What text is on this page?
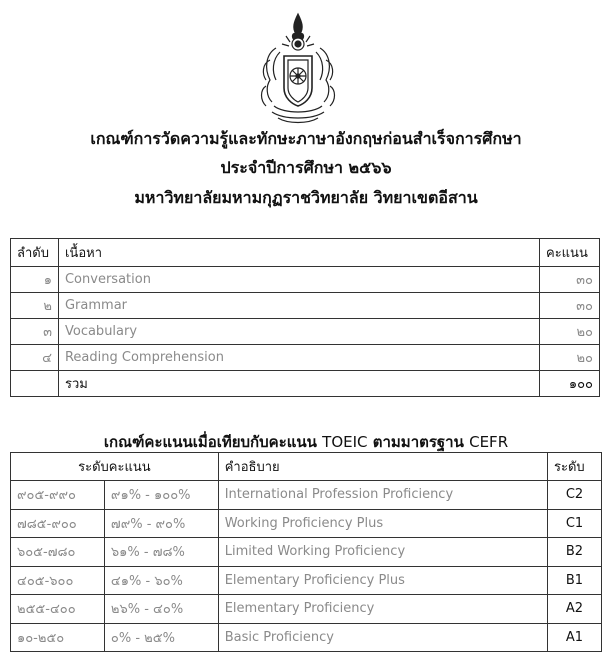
เกณฑ์การวัดความรู้และทักษะภาษาอังกฤษก่อนสำเร็จการศึกษา
ประจำปีการศึกษา ๒๕๖๖
มหาวิทยาลัยมหามกุฏราชวิทยาลัย วิทยาเขตอีสาน
ลำดับ	เนื้อหา	คะแนน
๑	Conversation	๓๐
๒	Grammar	๓๐
๓	Vocabulary	๒๐
๔	Reading Comprehension	๒๐
	รวม	๑๐๐
เกณฑ์คะแนนเมื่อเทียบกับคะแนน TOEIC ตามมาตรฐาน CEFR
ระดับคะแนน		คำอธิบาย	ระดับ
๙๐๕-๙๙๐	๙๑% - ๑๐๐%	International Profession Proficiency	C2
๗๘๕-๙๐๐	๗๙% - ๙๐%	Working Proficiency Plus	C1
๖๐๕-๗๘๐	๖๑% - ๗๘%	Limited Working Proficiency	B2
๔๐๕-๖๐๐	๔๑% - ๖๐%	Elementary Proficiency Plus	B1
๒๕๕-๔๐๐	๒๖% - ๔๐%	Elementary Proficiency	A2
๑๐-๒๕๐	๐% - ๒๕%	Basic Proficiency	A1
